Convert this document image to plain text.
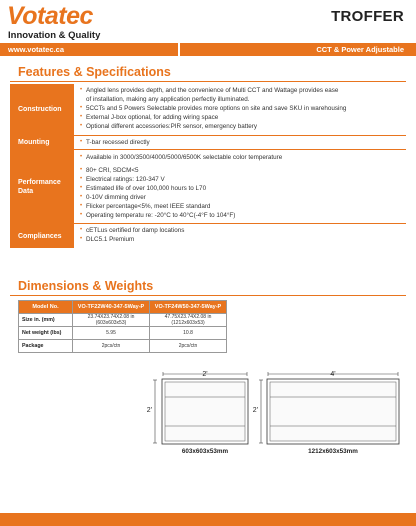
Votatec
Innovation & Quality
TROFFER
www.votatec.ca	CCT & Power Adjustable
Features & Specifications
Construction
• Angled lens provides depth, and the convenience of Multi CCT and Wattage provides ease
of installation, making any application perfectly illuminated.
• 5CCTs and 5 Powers Selectable provides more options on site and save SKU in warehousing
• External J-box optional, for adding wiring space
• Optional different accessories:PIR sensor, emergency battery
Mounting	• T-bar recessed directly
Performance Data
• Available in 3000/3500/4000/5000/6500K selectable color temperature
• 80+ CRI, SDCM<5
• Electrical ratings: 120-347 V
• Estimated life of over 100,000 hours to L70
• 0-10V dimming driver
• Flicker percentage<5%, meet IEEE standard
• Operating temperatu re: -20°C to 40°C(-4°F to 104°F)
Compliances
• cETLus certified for damp locations
• DLC5.1 Premium
Dimensions & Weights
Model No.	VO-TF22W40-347-5Way-P	VO-TF24W50-347-5Way-P
Size in. (mm)	23.74X23.74X2.08 in (603x603x53)	47.75X23.74X2.08 in (1212x603x53)
Net weight (lbs)	5.95	10.8
Package	2pcs/ctn	2pcs/ctn
2'
2'
603x603x53mm
4'
2'
1212x603x53mm
